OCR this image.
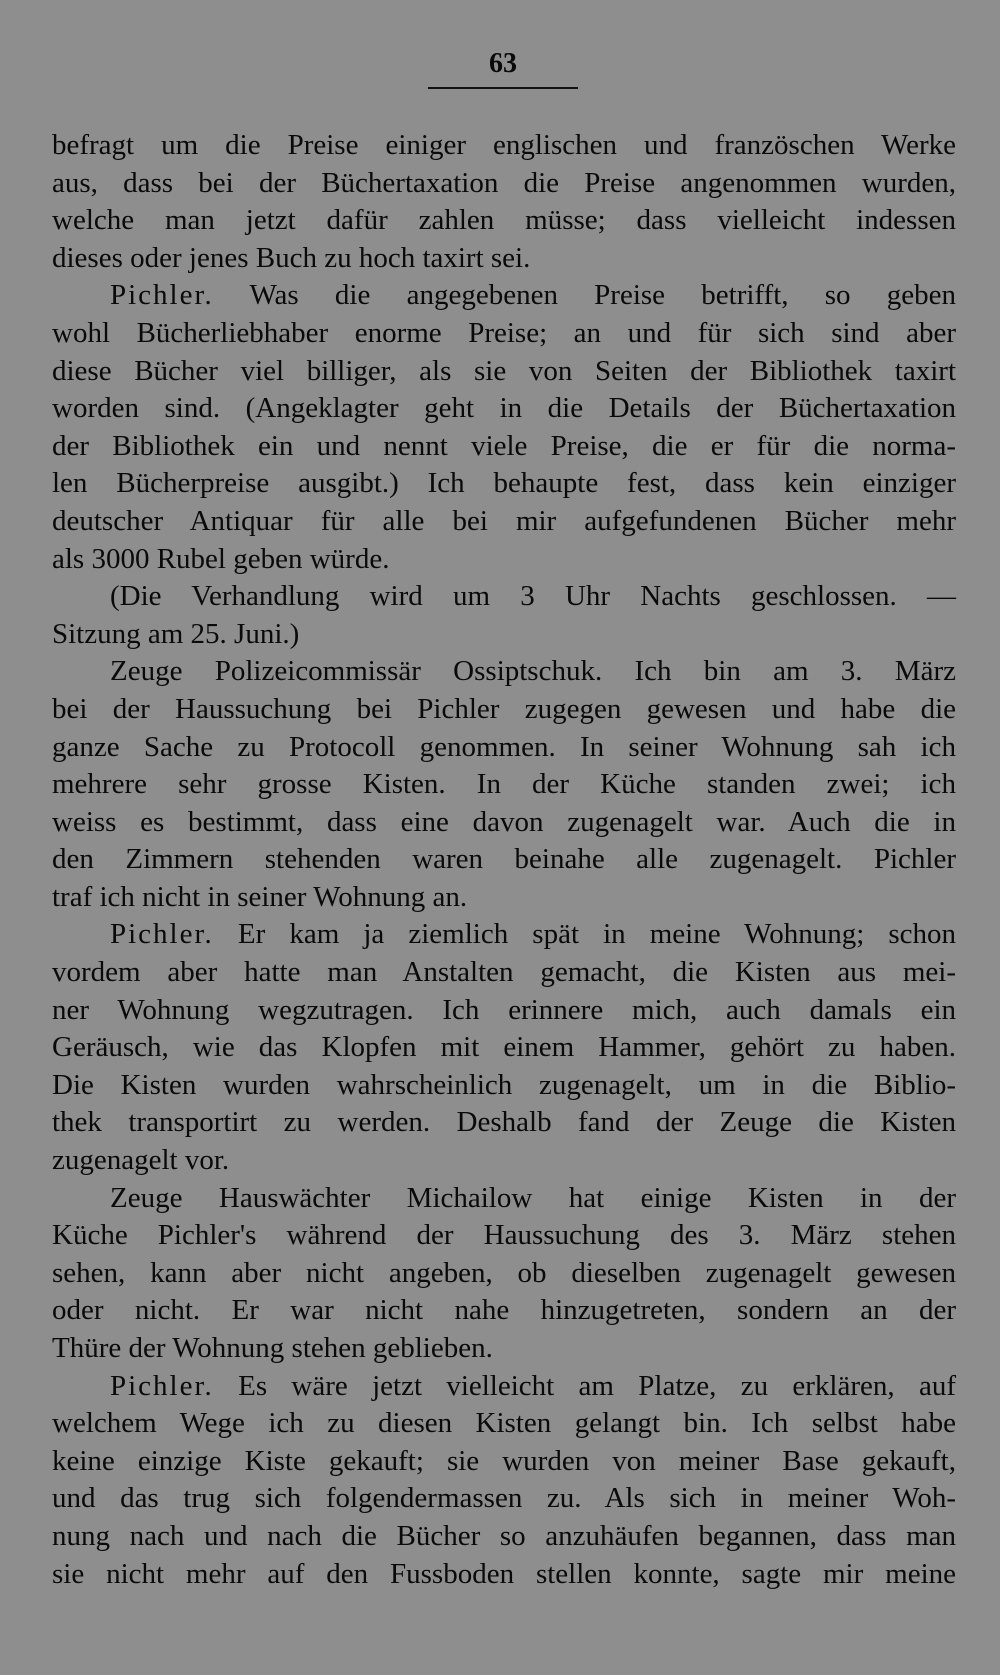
63
befragt um die Preise einiger englischen und französchen Werke
aus, dass bei der Büchertaxation die Preise angenommen wurden,
welche man jetzt dafür zahlen müsse; dass vielleicht indessen
dieses oder jenes Buch zu hoch taxirt sei.
Pichler. Was die angegebenen Preise betrifft, so geben
wohl Bücherliebhaber enorme Preise; an und für sich sind aber
diese Bücher viel billiger, als sie von Seiten der Bibliothek taxirt
worden sind. (Angeklagter geht in die Details der Büchertaxation
der Bibliothek ein und nennt viele Preise, die er für die norma-
len Bücherpreise ausgibt.) Ich behaupte fest, dass kein einziger
deutscher Antiquar für alle bei mir aufgefundenen Bücher mehr
als 3000 Rubel geben würde.
(Die Verhandlung wird um 3 Uhr Nachts geschlossen. —
Sitzung am 25. Juni.)
Zeuge Polizeicommissär Ossiptschuk. Ich bin am 3. März
bei der Haussuchung bei Pichler zugegen gewesen und habe die
ganze Sache zu Protocoll genommen. In seiner Wohnung sah ich
mehrere sehr grosse Kisten. In der Küche standen zwei; ich
weiss es bestimmt, dass eine davon zugenagelt war. Auch die in
den Zimmern stehenden waren beinahe alle zugenagelt. Pichler
traf ich nicht in seiner Wohnung an.
Pichler. Er kam ja ziemlich spät in meine Wohnung; schon
vordem aber hatte man Anstalten gemacht, die Kisten aus mei-
ner Wohnung wegzutragen. Ich erinnere mich, auch damals ein
Geräusch, wie das Klopfen mit einem Hammer, gehört zu haben.
Die Kisten wurden wahrscheinlich zugenagelt, um in die Biblio-
thek transportirt zu werden. Deshalb fand der Zeuge die Kisten
zugenagelt vor.
Zeuge Hauswächter Michailow hat einige Kisten in der
Küche Pichler's während der Haussuchung des 3. März stehen
sehen, kann aber nicht angeben, ob dieselben zugenagelt gewesen
oder nicht. Er war nicht nahe hinzugetreten, sondern an der
Thüre der Wohnung stehen geblieben.
Pichler. Es wäre jetzt vielleicht am Platze, zu erklären, auf
welchem Wege ich zu diesen Kisten gelangt bin. Ich selbst habe
keine einzige Kiste gekauft; sie wurden von meiner Base gekauft,
und das trug sich folgendermassen zu. Als sich in meiner Woh-
nung nach und nach die Bücher so anzuhäufen begannen, dass man
sie nicht mehr auf den Fussboden stellen konnte, sagte mir meine
